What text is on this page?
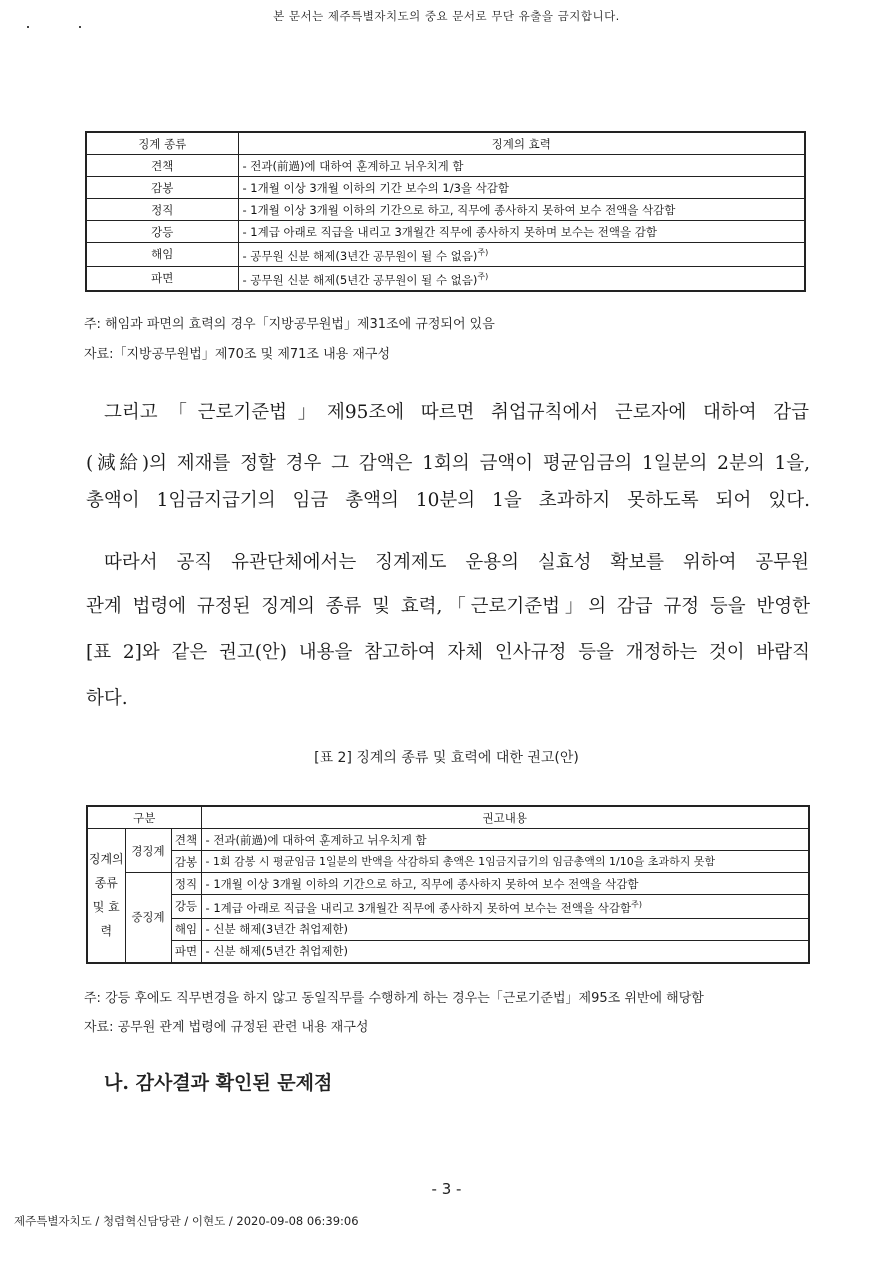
본 문서는 제주특별자치도의 중요 문서로 무단 유출을 금지합니다.
징계 종류	징계의 효력
견책	- 전과(前過)에 대하여 훈계하고 뉘우치게 함
감봉	- 1개월 이상 3개월 이하의 기간 보수의 1/3을 삭감함
정직	- 1개월 이상 3개월 이하의 기간으로 하고, 직무에 종사하지 못하여 보수 전액을 삭감함
강등	- 1계급 아래로 직급을 내리고 3개월간 직무에 종사하지 못하며 보수는 전액을 감함
해임	- 공무원 신분 해제(3년간 공무원이 될 수 없음)$^{주)}$
파면	- 공무원 신분 해제(5년간 공무원이 될 수 없음)$^{주)}$
주: 해임과 파면의 효력의 경우「지방공무원법」제31조에 규정되어 있음
자료:「지방공무원법」제70조 및 제71조 내용 재구성
그리고「근로기준법」제95조에 따르면 취업규칙에서 근로자에 대하여 감급
(減給)의 제재를 정할 경우 그 감액은 1회의 금액이 평균임금의 1일분의 2분의 1을,
총액이 1임금지급기의 임금 총액의 10분의 1을 초과하지 못하도록 되어 있다.
따라서 공직 유관단체에서는 징계제도 운용의 실효성 확보를 위하여 공무원
관계 법령에 규정된 징계의 종류 및 효력,「근로기준법」의 감급 규정 등을 반영한
[표 2]와 같은 권고(안) 내용을 참고하여 자체 인사규정 등을 개정하는 것이 바람직
하다.
[표 2] 징계의 종류 및 효력에 대한 권고(안)
구분			권고내용
징계의 종류 및 효력	경징계	견책	- 전과(前過)에 대하여 훈계하고 뉘우치게 함
		감봉	- 1회 감봉 시 평균임금 1일분의 반액을 삭감하되 총액은 1임금지급기의 임금총액의 1/10을 초과하지 못함
	중징계	정직	- 1개월 이상 3개월 이하의 기간으로 하고, 직무에 종사하지 못하여 보수 전액을 삭감함
		강등	- 1계급 아래로 직급을 내리고 3개월간 직무에 종사하지 못하여 보수는 전액을 삭감함$^{주)}$
		해임	- 신분 해제(3년간 취업제한)
		파면	- 신분 해제(5년간 취업제한)
주: 강등 후에도 직무변경을 하지 않고 동일직무를 수행하게 하는 경우는「근로기준법」제95조 위반에 해당함
자료: 공무원 관계 법령에 규정된 관련 내용 재구성
나. 감사결과 확인된 문제점
- 3 -
제주특별자치도 / 청렴혁신담당관 / 이현도 / 2020-09-08 06:39:06
